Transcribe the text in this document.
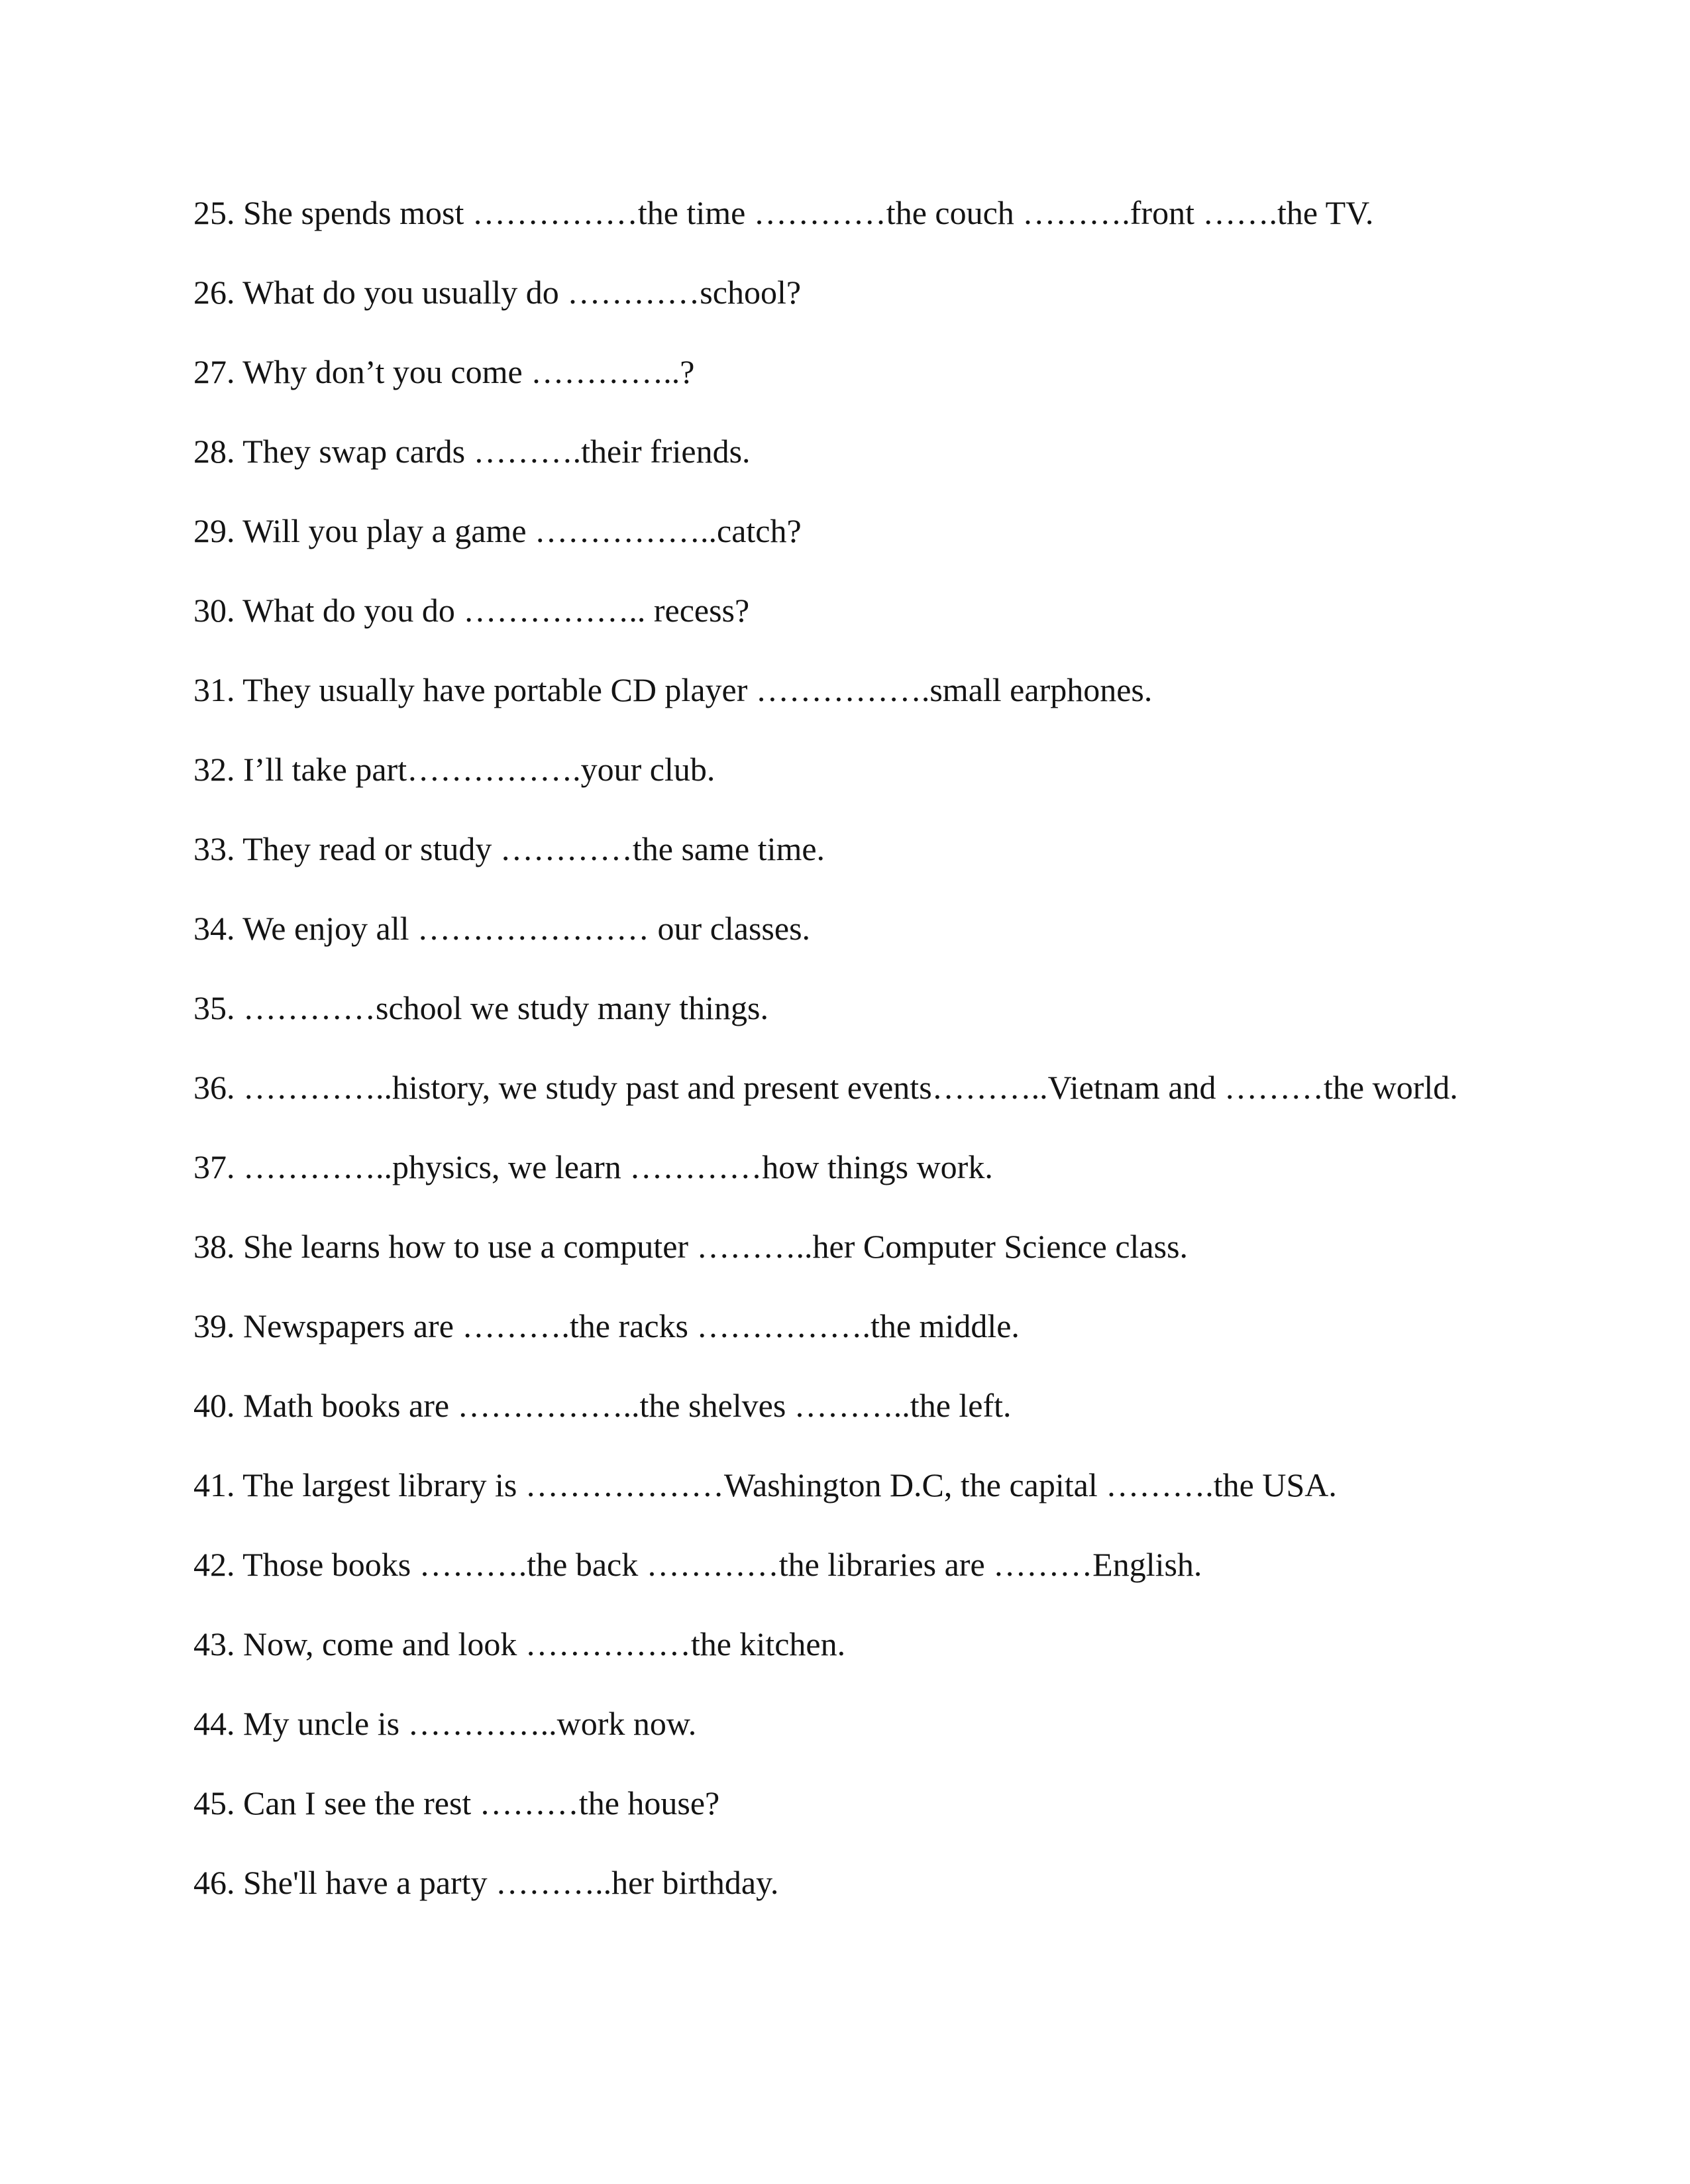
25. She spends most ……………the time …………the couch ……….front …….the TV.
26. What do you usually do …………school?
27. Why don’t you come …………..?
28. They swap cards ……….their friends.
29. Will you play a game ……………..catch?
30. What do you do …………….. recess?
31. They usually have portable CD player …………….small earphones.
32. I’ll take part…………….your club.
33. They read or study …………the same time.
34. We enjoy all ………………… our classes.
35. …………school we study many things.
36. …………..history, we study past and present events………..Vietnam and ………the world.
37. …………..physics, we learn …………how things work.
38. She learns how to use a computer ………..her Computer Science class.
39. Newspapers are ……….the racks …………….the middle.
40. Math books are ……………..the shelves ………..the left.
41. The largest library is ………………Washington D.C, the capital ……….the USA.
42. Those books ……….the back …………the libraries are ………English.
43. Now, come and look ……………the kitchen.
44. My uncle is …………..work now.
45. Can I see the rest ………the house?
46. She'll have a party ………..her birthday.
